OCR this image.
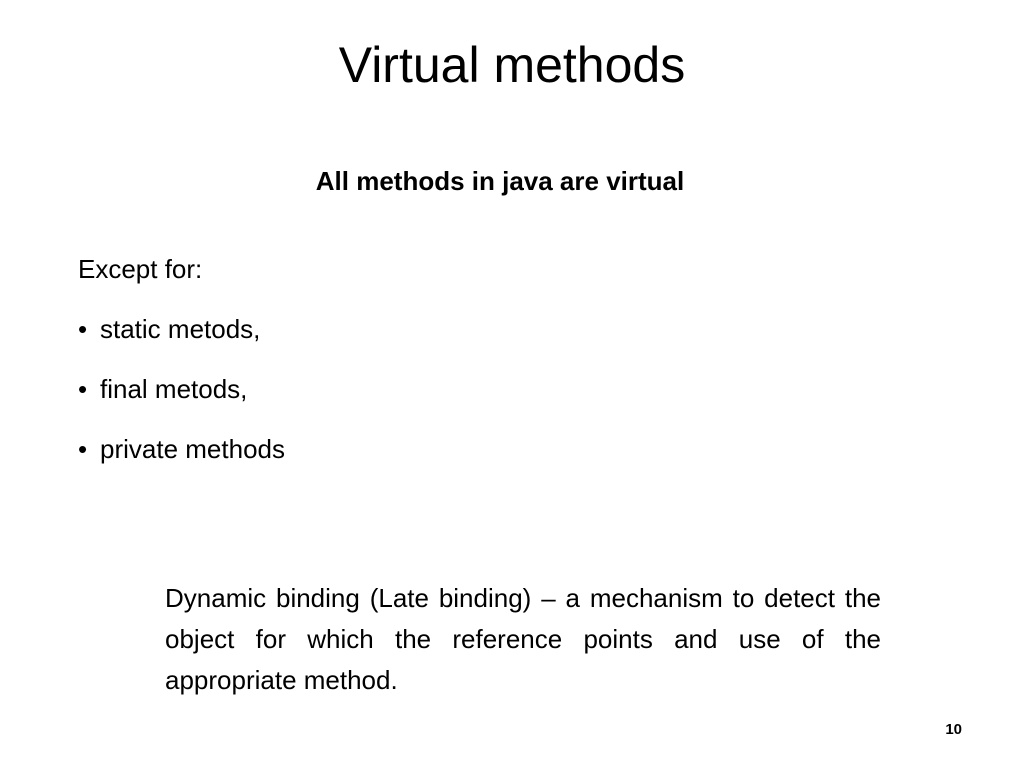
Virtual methods
All methods in java are virtual
Except for:
• static metods,
• final metods,
• private methods
Dynamic binding (Late binding) – a mechanism to detect the object for which the reference points and use of the appropriate method.
10
